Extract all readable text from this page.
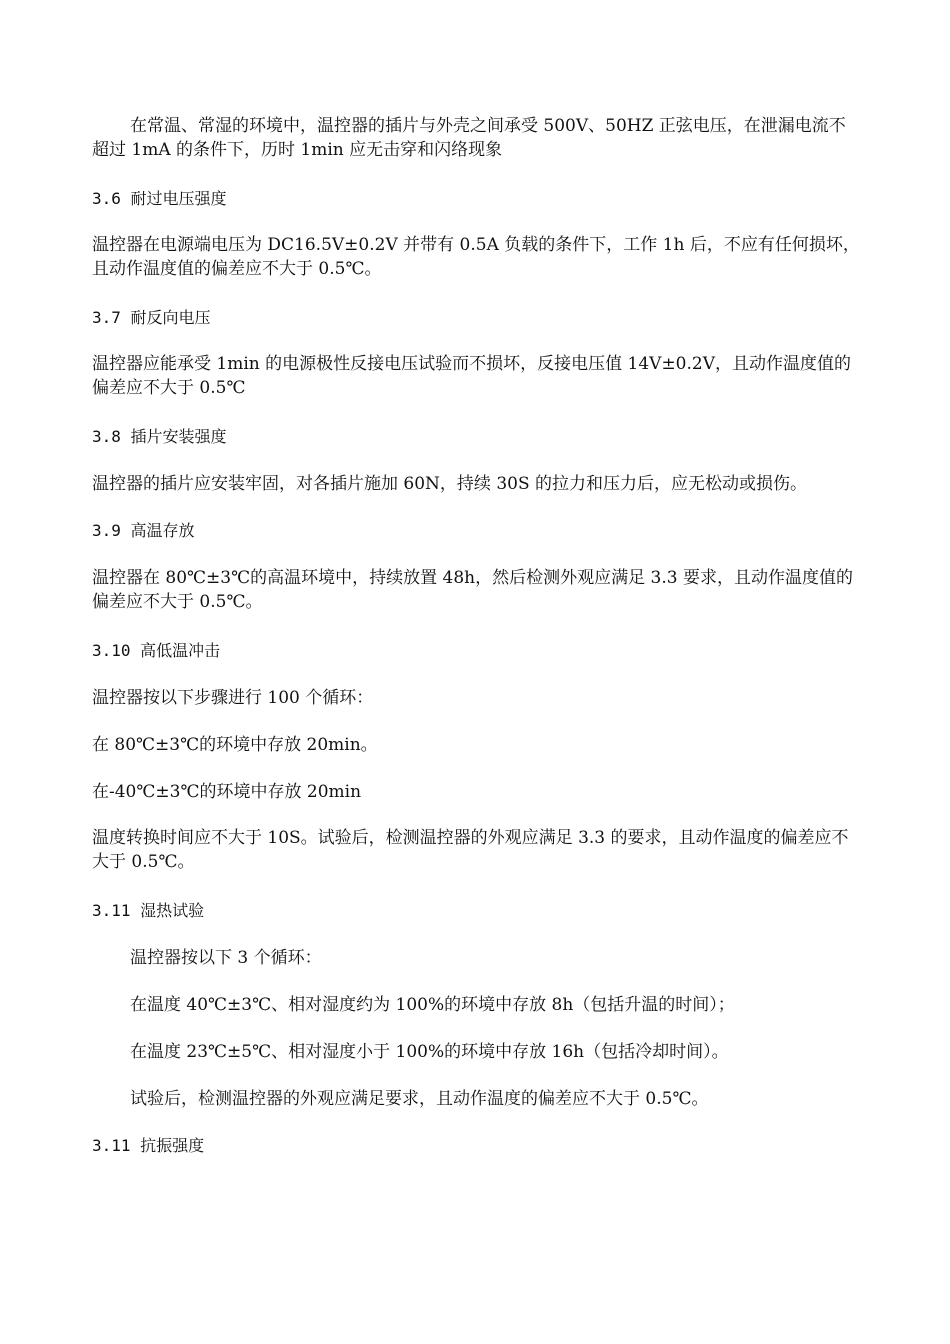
在常温、常湿的环境中，温控器的插片与外壳之间承受 500V、50HZ 正弦电压，在泄漏电流不超过 1mA 的条件下，历时 1min 应无击穿和闪络现象
3.6 耐过电压强度
温控器在电源端电压为 DC16.5V±0.2V 并带有 0.5A 负载的条件下，工作 1h 后，不应有任何损坏，且动作温度值的偏差应不大于 0.5℃。
3.7 耐反向电压
温控器应能承受 1min 的电源极性反接电压试验而不损坏，反接电压值 14V±0.2V，且动作温度值的偏差应不大于 0.5℃
3.8 插片安装强度
温控器的插片应安装牢固，对各插片施加 60N，持续 30S 的拉力和压力后，应无松动或损伤。
3.9 高温存放
温控器在 80℃±3℃的高温环境中，持续放置 48h，然后检测外观应满足 3.3 要求，且动作温度值的偏差应不大于 0.5℃。
3.10 高低温冲击
温控器按以下步骤进行 100 个循环：
在 80℃±3℃的环境中存放 20min。
在-40℃±3℃的环境中存放 20min
温度转换时间应不大于 10S。试验后，检测温控器的外观应满足 3.3 的要求，且动作温度的偏差应不大于 0.5℃。
3.11 湿热试验
温控器按以下 3 个循环：
在温度 40℃±3℃、相对湿度约为 100%的环境中存放 8h（包括升温的时间）；
在温度 23℃±5℃、相对湿度小于 100%的环境中存放 16h（包括冷却时间）。
试验后，检测温控器的外观应满足要求，且动作温度的偏差应不大于 0.5℃。
3.11 抗振强度
